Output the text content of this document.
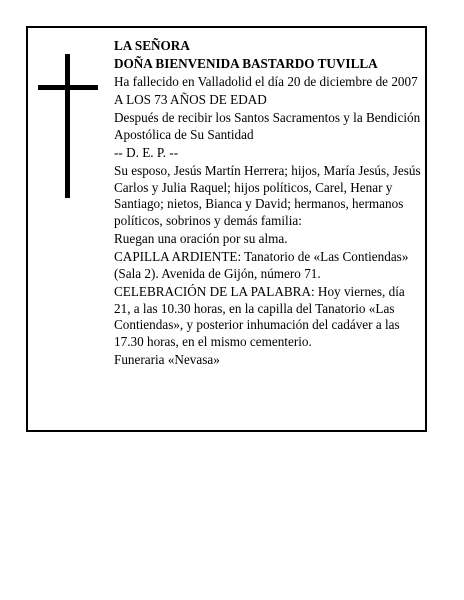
LA SEÑORA

DOÑA BIENVENIDA BASTARDO TUVILLA

Ha fallecido en Valladolid el día 20 de diciembre de 2007

A LOS 73 AÑOS DE EDAD

Después de recibir los Santos Sacramentos y la Bendición Apostólica de Su Santidad

-- D. E. P. --

Su esposo, Jesús Martín Herrera; hijos, María Jesús, Jesús Carlos y Julia Raquel; hijos políticos, Carel, Henar y Santiago; nietos, Bianca y David; hermanos, hermanos políticos, sobrinos y demás familia:

Ruegan una oración por su alma.

CAPILLA ARDIENTE: Tanatorio de «Las Contiendas» (Sala 2). Avenida de Gijón, número 71.

CELEBRACIÓN DE LA PALABRA: Hoy viernes, día 21, a las 10.30 horas, en la capilla del Tanatorio «Las Contiendas», y posterior inhumación del cadáver a las 17.30 horas, en el mismo cementerio.

Funeraria «Nevasa»
